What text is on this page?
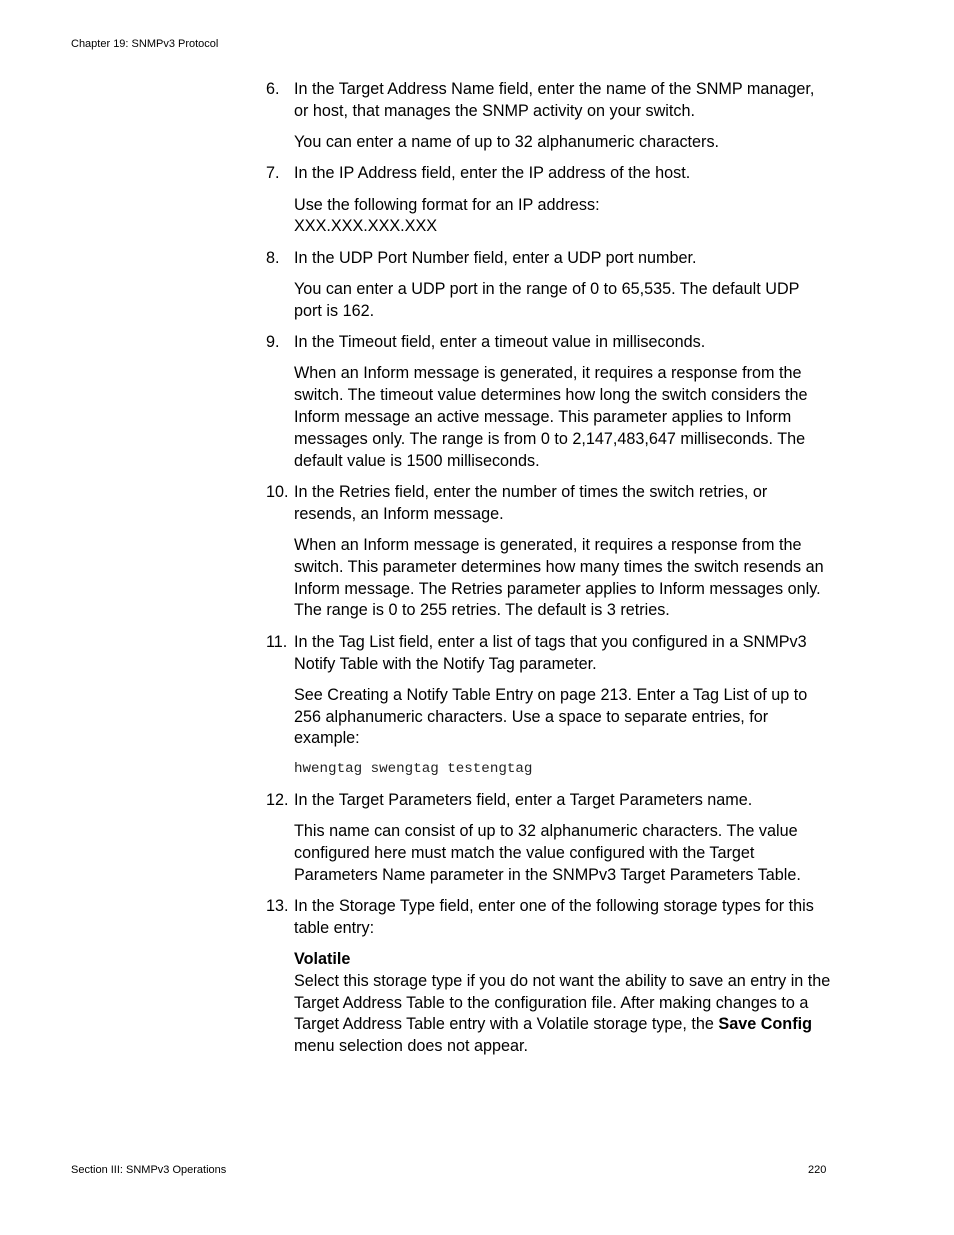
Chapter 19: SNMPv3 Protocol
6. In the Target Address Name field, enter the name of the SNMP manager, or host, that manages the SNMP activity on your switch.
You can enter a name of up to 32 alphanumeric characters.
7. In the IP Address field, enter the IP address of the host.
Use the following format for an IP address:
XXX.XXX.XXX.XXX
8. In the UDP Port Number field, enter a UDP port number.
You can enter a UDP port in the range of 0 to 65,535. The default UDP port is 162.
9. In the Timeout field, enter a timeout value in milliseconds.
When an Inform message is generated, it requires a response from the switch. The timeout value determines how long the switch considers the Inform message an active message. This parameter applies to Inform messages only. The range is from 0 to 2,147,483,647 milliseconds. The default value is 1500 milliseconds.
10. In the Retries field, enter the number of times the switch retries, or resends, an Inform message.
When an Inform message is generated, it requires a response from the switch. This parameter determines how many times the switch resends an Inform message. The Retries parameter applies to Inform messages only. The range is 0 to 255 retries. The default is 3 retries.
11. In the Tag List field, enter a list of tags that you configured in a SNMPv3 Notify Table with the Notify Tag parameter.
See Creating a Notify Table Entry on page 213. Enter a Tag List of up to 256 alphanumeric characters. Use a space to separate entries, for example:
hwengtag swengtag testengtag
12. In the Target Parameters field, enter a Target Parameters name.
This name can consist of up to 32 alphanumeric characters. The value configured here must match the value configured with the Target Parameters Name parameter in the SNMPv3 Target Parameters Table.
13. In the Storage Type field, enter one of the following storage types for this table entry:
Volatile
Select this storage type if you do not want the ability to save an entry in the Target Address Table to the configuration file. After making changes to a Target Address Table entry with a Volatile storage type, the Save Config menu selection does not appear.
Section III: SNMPv3 Operations	220
